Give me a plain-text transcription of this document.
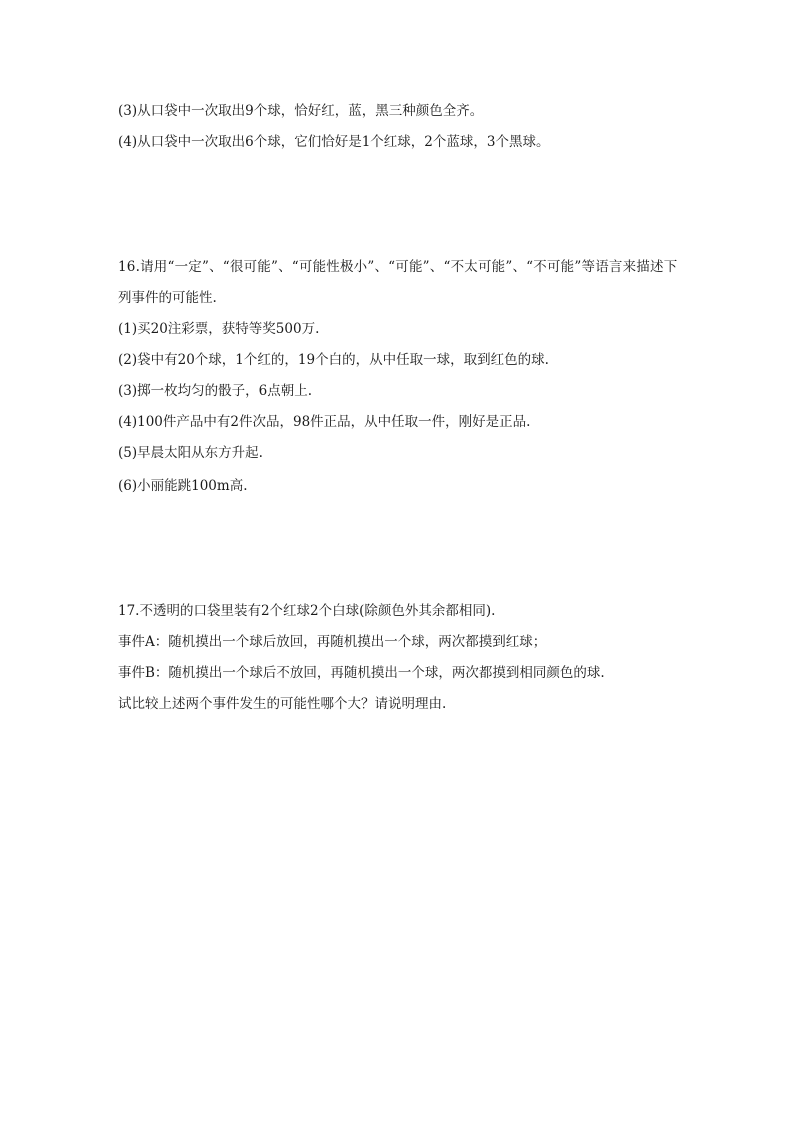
(3)从口袋中一次取出9个球，恰好红，蓝，黑三种颜色全齐。
(4)从口袋中一次取出6个球，它们恰好是1个红球，2个蓝球，3个黑球。
16.请用“一定”、“很可能”、“可能性极小”、“可能”、“不太可能”、“不可能”等语言来描述下
列事件的可能性.
(1)买20注彩票，获特等奖500万.
(2)袋中有20个球，1个红的，19个白的，从中任取一球，取到红色的球.
(3)掷一枚均匀的骰子，6点朝上.
(4)100件产品中有2件次品，98件正品，从中任取一件，刚好是正品.
(5)早晨太阳从东方升起.
(6)小丽能跳100m高.
17.不透明的口袋里装有2个红球2个白球(除颜色外其余都相同).
事件A：随机摸出一个球后放回，再随机摸出一个球，两次都摸到红球；
事件B：随机摸出一个球后不放回，再随机摸出一个球，两次都摸到相同颜色的球.
试比较上述两个事件发生的可能性哪个大？请说明理由.
